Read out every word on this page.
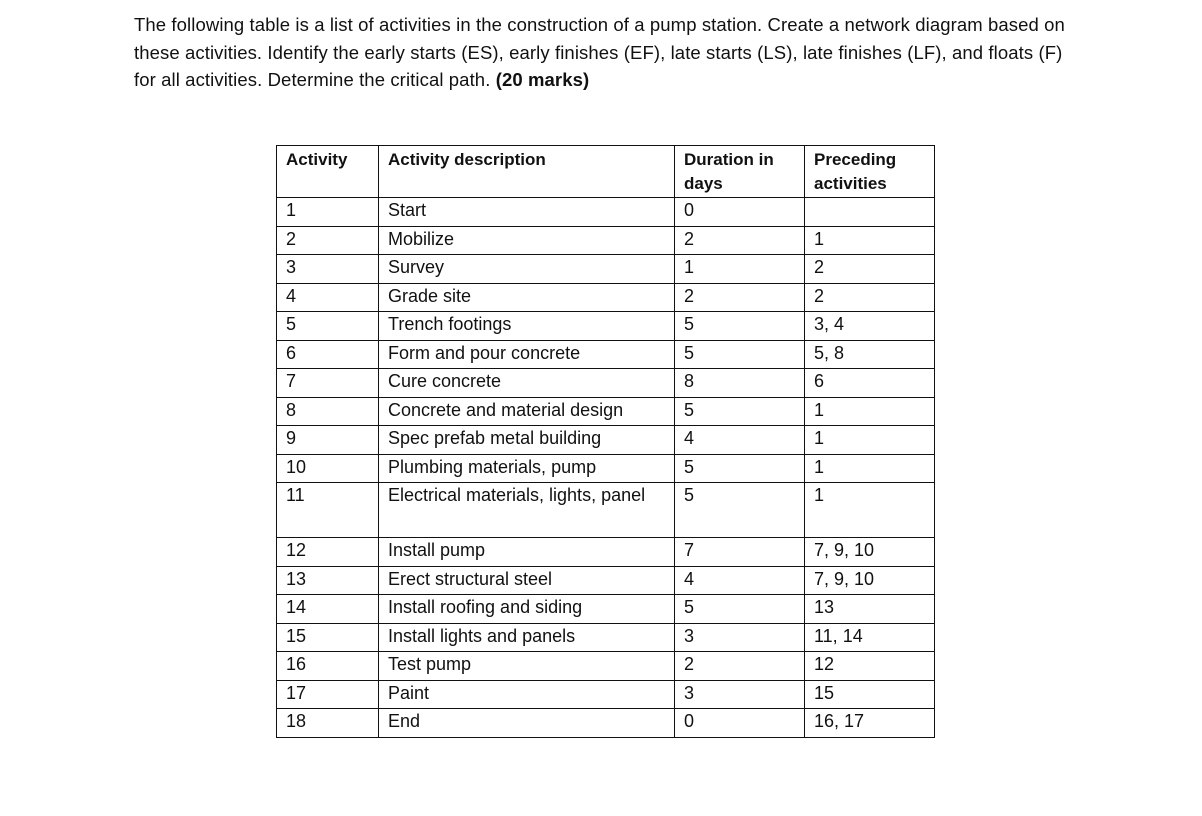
The following table is a list of activities in the construction of a pump station. Create a network diagram based on these activities. Identify the early starts (ES), early finishes (EF), late starts (LS), late finishes (LF), and floats (F) for all activities. Determine the critical path. (20 marks)
Activity	Activity description	Duration in days	Preceding activities
1	Start	0	
2	Mobilize	2	1
3	Survey	1	2
4	Grade site	2	2
5	Trench footings	5	3, 4
6	Form and pour concrete	5	5, 8
7	Cure concrete	8	6
8	Concrete and material design	5	1
9	Spec prefab metal building	4	1
10	Plumbing materials, pump	5	1
11	Electrical materials, lights, panel	5	1
12	Install pump	7	7, 9, 10
13	Erect structural steel	4	7, 9, 10
14	Install roofing and siding	5	13
15	Install lights and panels	3	11, 14
16	Test pump	2	12
17	Paint	3	15
18	End	0	16, 17
